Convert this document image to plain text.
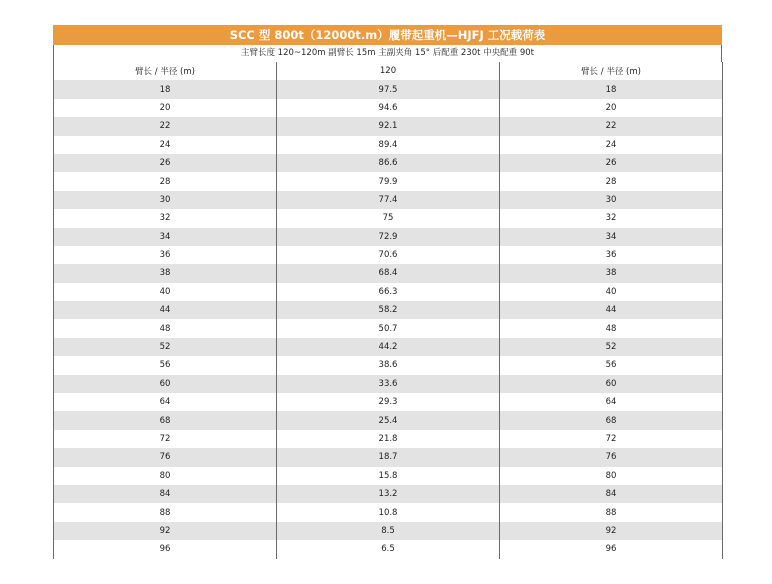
SCC 型 800t（12000t.m）履带起重机—HJFJ 工况载荷表
主臂长度 120~120m 副臂长 15m 主副夹角 15° 后配重 230t 中央配重 90t
臂长 / 半径 (m)	120	臂长 / 半径 (m)
18	97.5	18
20	94.6	20
22	92.1	22
24	89.4	24
26	86.6	26
28	79.9	28
30	77.4	30
32	75	32
34	72.9	34
36	70.6	36
38	68.4	38
40	66.3	40
44	58.2	44
48	50.7	48
52	44.2	52
56	38.6	56
60	33.6	60
64	29.3	64
68	25.4	68
72	21.8	72
76	18.7	76
80	15.8	80
84	13.2	84
88	10.8	88
92	8.5	92
96	6.5	96
